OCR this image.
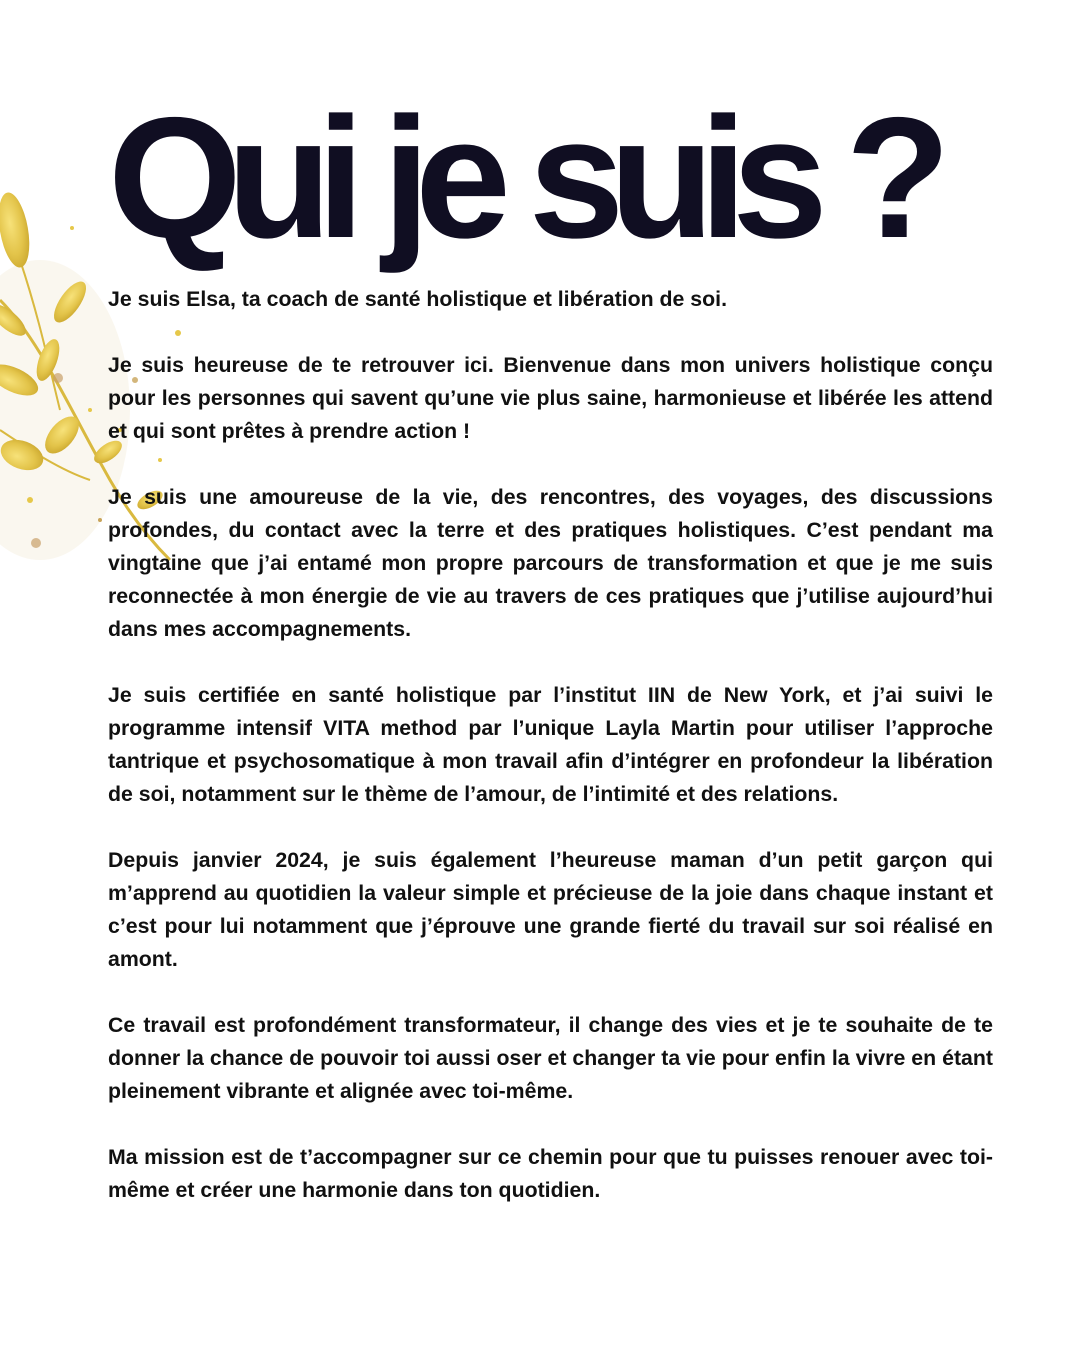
Qui je suis ?

Je suis Elsa, ta coach de santé holistique et libération de soi.

Je suis heureuse de te retrouver ici. Bienvenue dans mon univers holistique conçu pour les personnes qui savent qu’une vie plus saine, harmonieuse et libérée les attend et qui sont prêtes à prendre action !

Je suis une amoureuse de la vie, des rencontres, des voyages, des discussions profondes, du contact avec la terre et des pratiques holistiques. C’est pendant ma vingtaine que j’ai entamé mon propre parcours de transformation et que je me suis reconnectée à mon énergie de vie au travers de ces pratiques que j’utilise aujourd’hui dans mes accompagnements.

Je suis certifiée en santé holistique par l’institut IIN de New York, et j’ai suivi le programme intensif VITA method par l’unique Layla Martin pour utiliser l’approche tantrique et psychosomatique à mon travail afin d’intégrer en profondeur la libération de soi, notamment sur le thème de l’amour, de l’intimité et des relations.

Depuis janvier 2024, je suis également l’heureuse maman d’un petit garçon qui m’apprend au quotidien la valeur simple et précieuse de la joie dans chaque instant et c’est pour lui notamment que j’éprouve une grande fierté du travail sur soi réalisé en amont.

Ce travail est profondément transformateur, il change des vies et je te souhaite de te donner la chance de pouvoir toi aussi oser et changer ta vie pour enfin la vivre en étant pleinement vibrante et alignée avec toi-même.

Ma mission est de t’accompagner sur ce chemin pour que tu puisses renouer avec toi-même et créer une harmonie dans ton quotidien.
